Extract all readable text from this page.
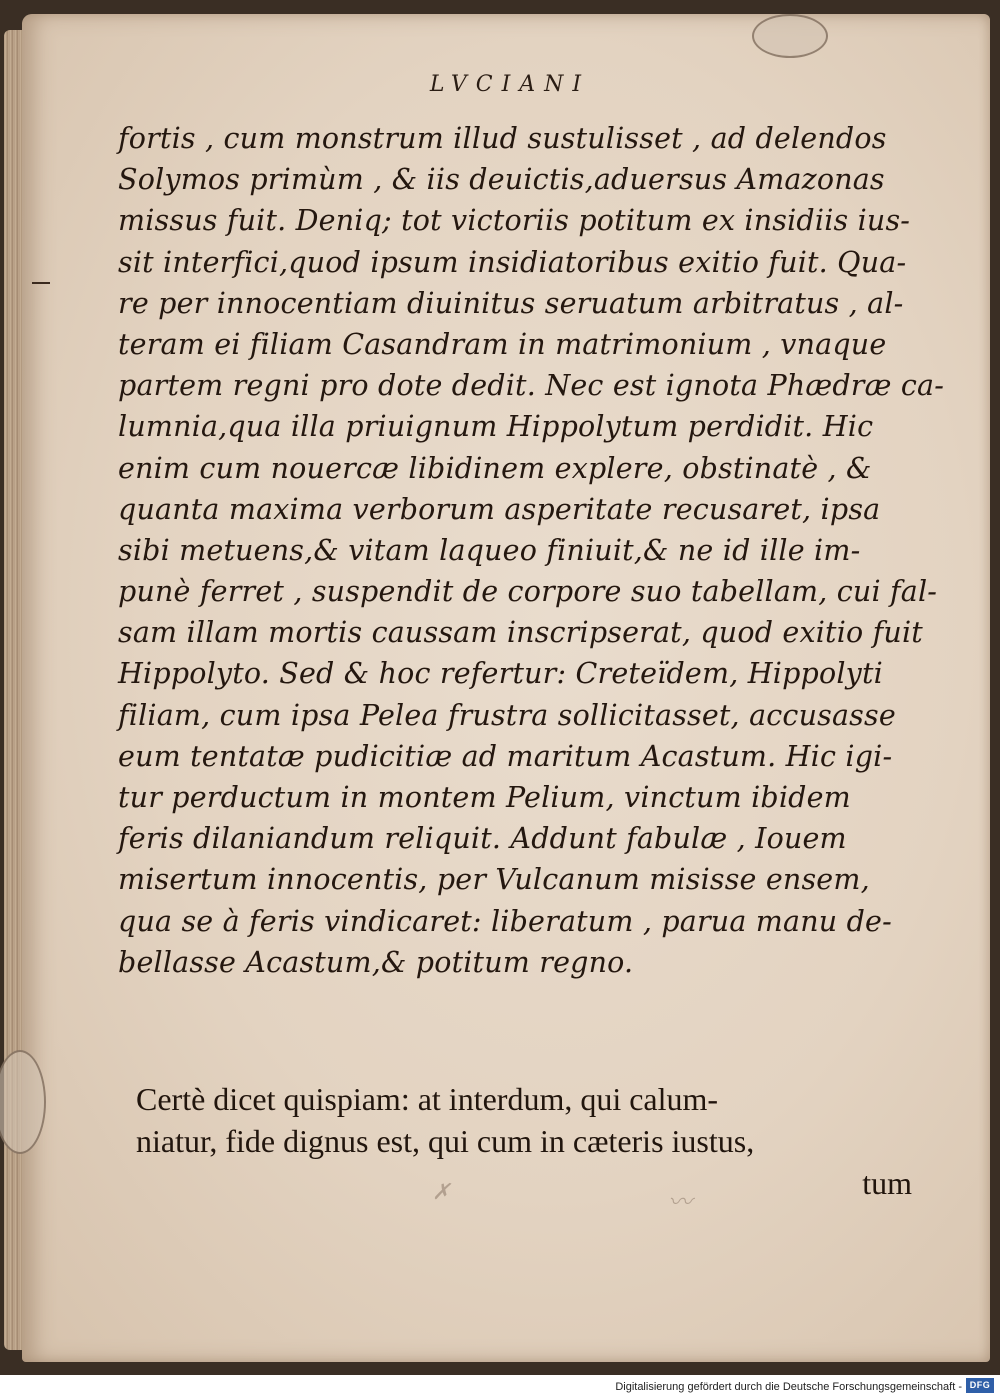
LVCIANI
fortis , cum monstrum illud sustulisset , ad delendos
Solymos primùm , & iis deuictis,aduersus Amazonas
missus fuit. Deniq; tot victoriis potitum ex insidiis ius-
sit interfici,quod ipsum insidiatoribus exitio fuit. Qua-
re per innocentiam diuinitus seruatum arbitratus , al-
teram ei filiam Casandram in matrimonium , vnaque
partem regni pro dote dedit. Nec est ignota Phædræ ca-
lumnia,qua illa priuignum Hippolytum perdidit. Hic
enim cum nouercæ libidinem explere, obstinatè , &
quanta maxima verborum asperitate recusaret, ipsa
sibi metuens,& vitam laqueo finiuit,& ne id ille im-
punè ferret , suspendit de corpore suo tabellam, cui fal-
sam illam mortis caussam inscripserat, quod exitio fuit
Hippolyto. Sed & hoc refertur: Creteïdem, Hippolyti
filiam, cum ipsa Pelea frustra sollicitasset, accusasse
eum tentatæ pudicitiæ ad maritum Acastum. Hic igi-
tur perductum in montem Pelium, vinctum ibidem
feris dilaniandum reliquit. Addunt fabulæ , Iouem
misertum innocentis, per Vulcanum misisse ensem,
qua se à feris vindicaret: liberatum , parua manu de-
bellasse Acastum,& potitum regno.
Certè dicet quispiam: at interdum, qui calum-
niatur, fide dignus est, qui cum in cæteris iustus,
tum
✗	〰
Digitalisierung gefördert durch die Deutsche Forschungsgemeinschaft - DFG
